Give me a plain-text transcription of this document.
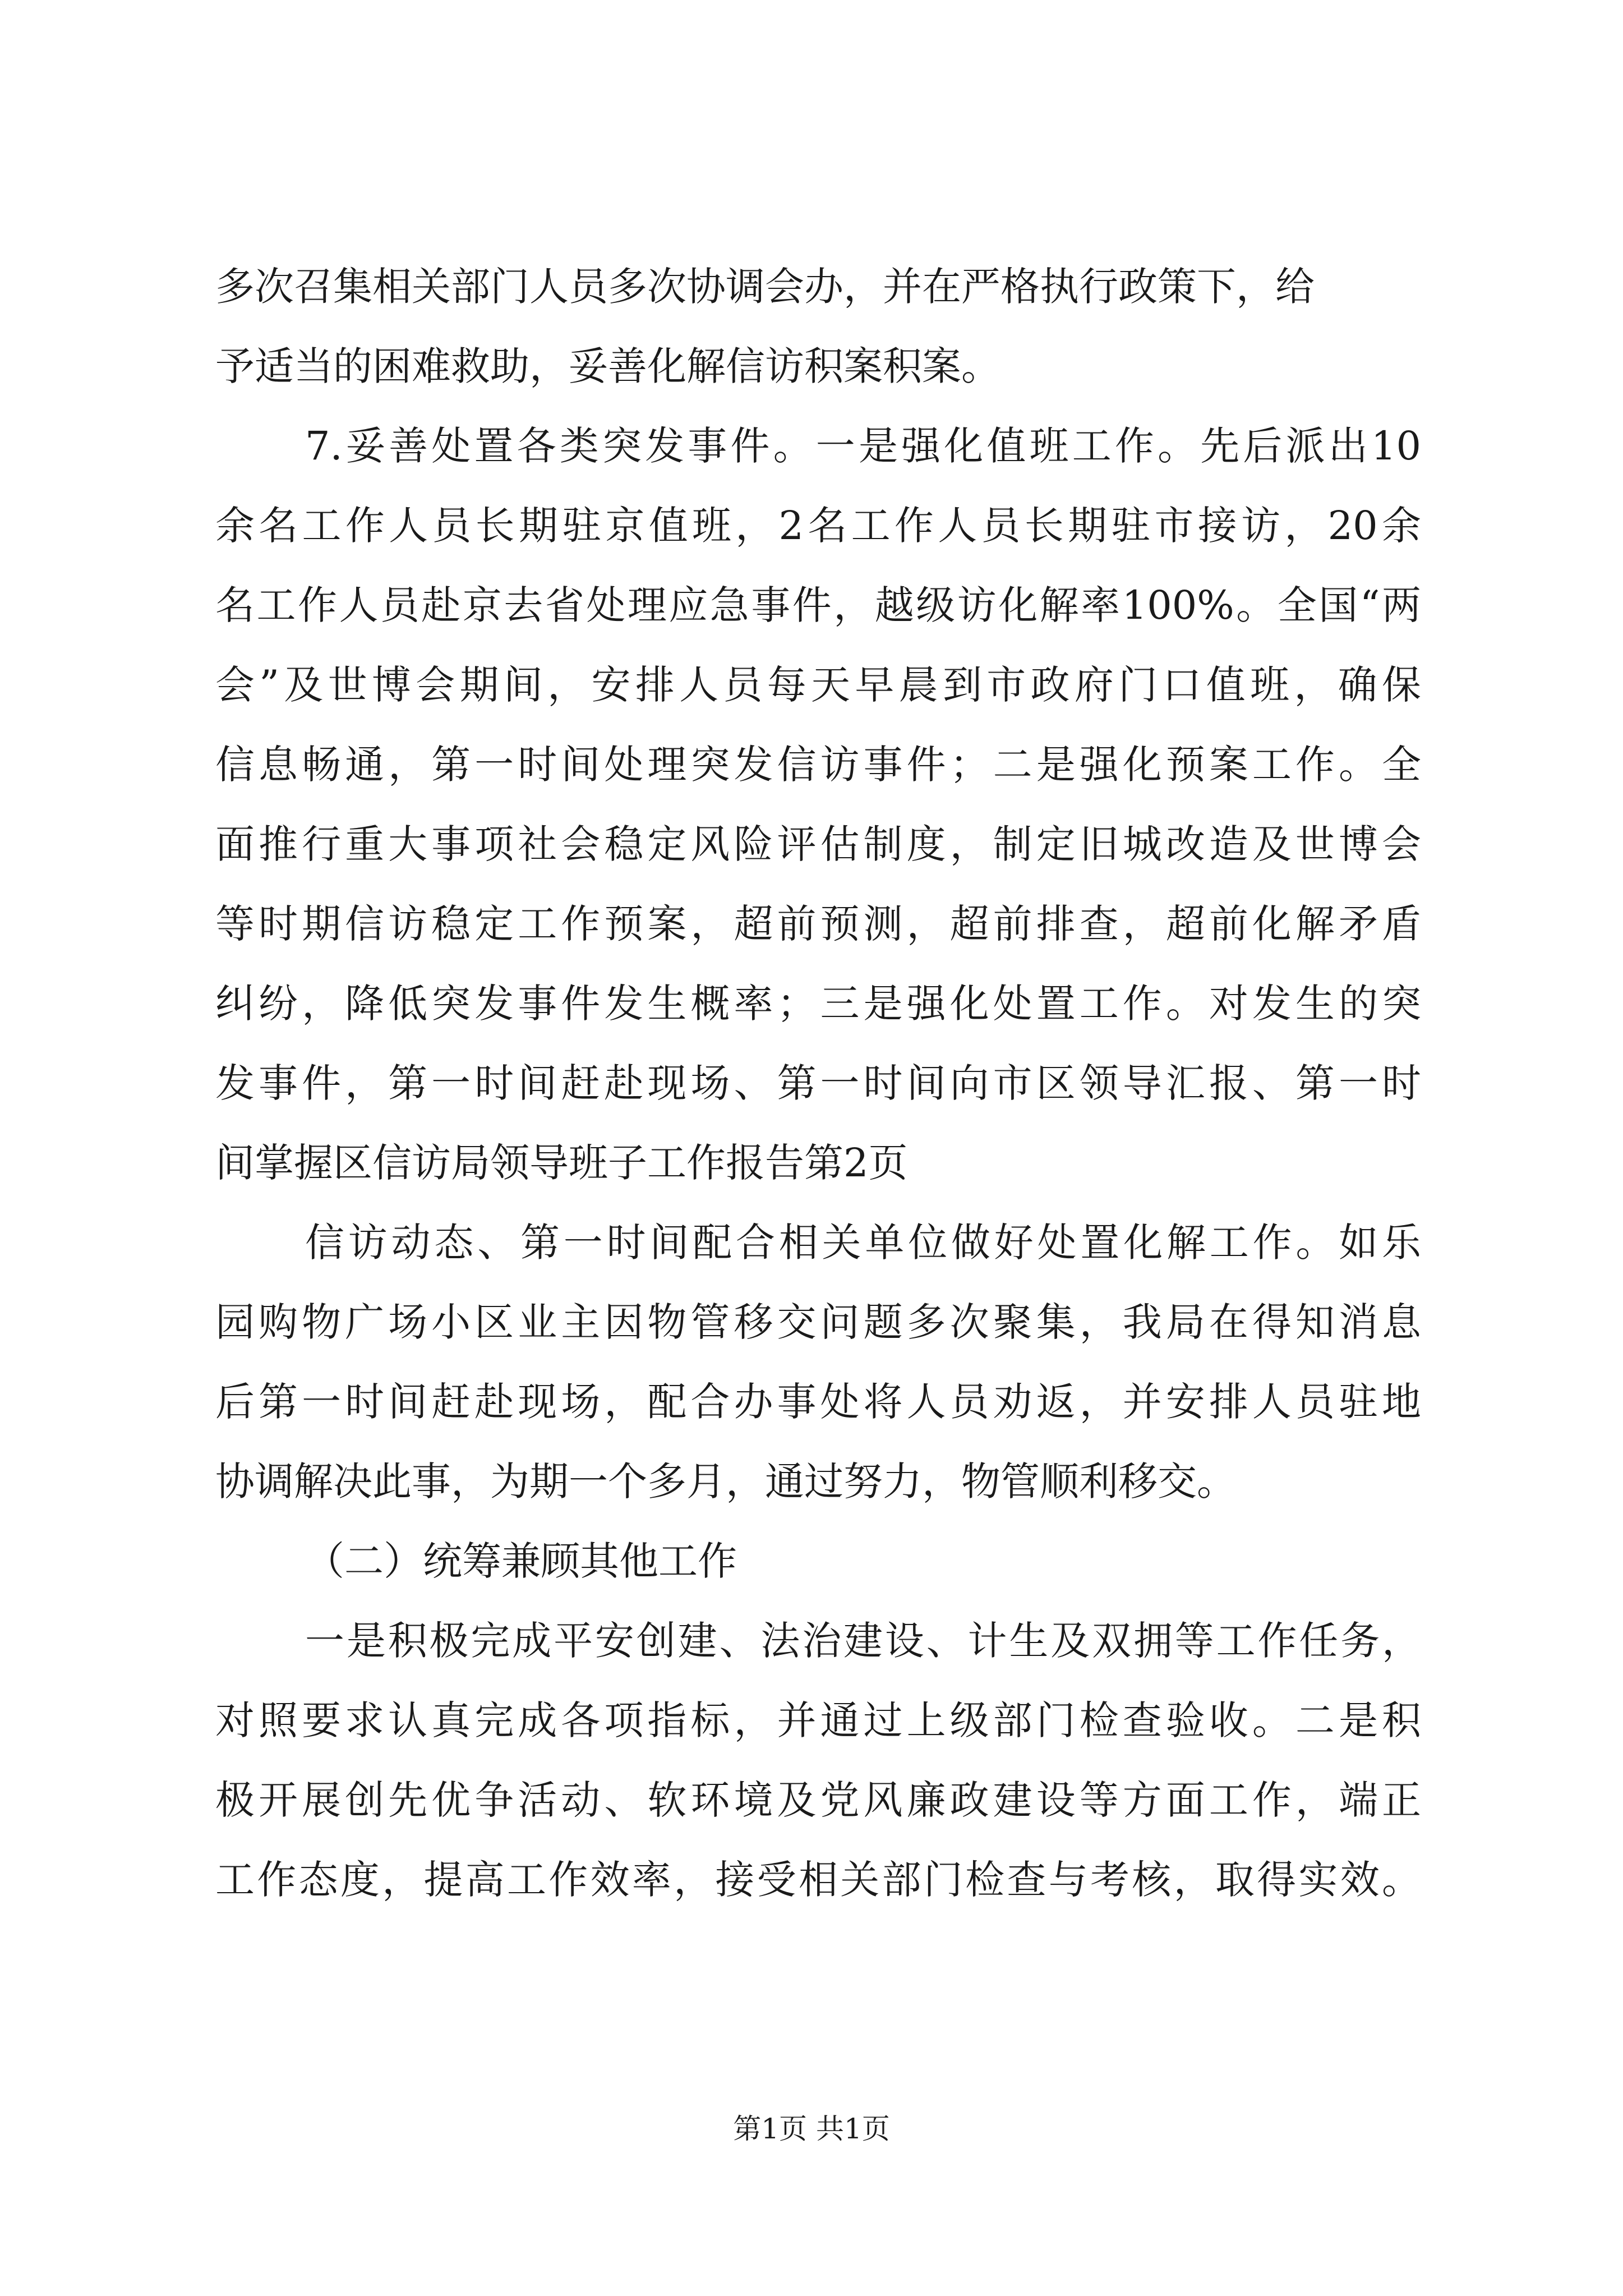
多次召集相关部门人员多次协调会办，并在严格执行政策下，给
予适当的困难救助，妥善化解信访积案积案。
7.妥善处置各类突发事件。一是强化值班工作。先后派出10
余名工作人员长期驻京值班，2名工作人员长期驻市接访，20余
名工作人员赴京去省处理应急事件，越级访化解率100%。全国“两
会”及世博会期间，安排人员每天早晨到市政府门口值班，确保
信息畅通，第一时间处理突发信访事件；二是强化预案工作。全
面推行重大事项社会稳定风险评估制度，制定旧城改造及世博会
等时期信访稳定工作预案，超前预测，超前排查，超前化解矛盾
纠纷，降低突发事件发生概率；三是强化处置工作。对发生的突
发事件，第一时间赶赴现场、第一时间向市区领导汇报、第一时
间掌握区信访局领导班子工作报告第2页
信访动态、第一时间配合相关单位做好处置化解工作。如乐
园购物广场小区业主因物管移交问题多次聚集，我局在得知消息
后第一时间赶赴现场，配合办事处将人员劝返，并安排人员驻地
协调解决此事，为期一个多月，通过努力，物管顺利移交。
（二）统筹兼顾其他工作
一是积极完成平安创建、法治建设、计生及双拥等工作任务，
对照要求认真完成各项指标，并通过上级部门检查验收。二是积
极开展创先优争活动、软环境及党风廉政建设等方面工作，端正
工作态度，提高工作效率，接受相关部门检查与考核，取得实效。
第1页 共1页
